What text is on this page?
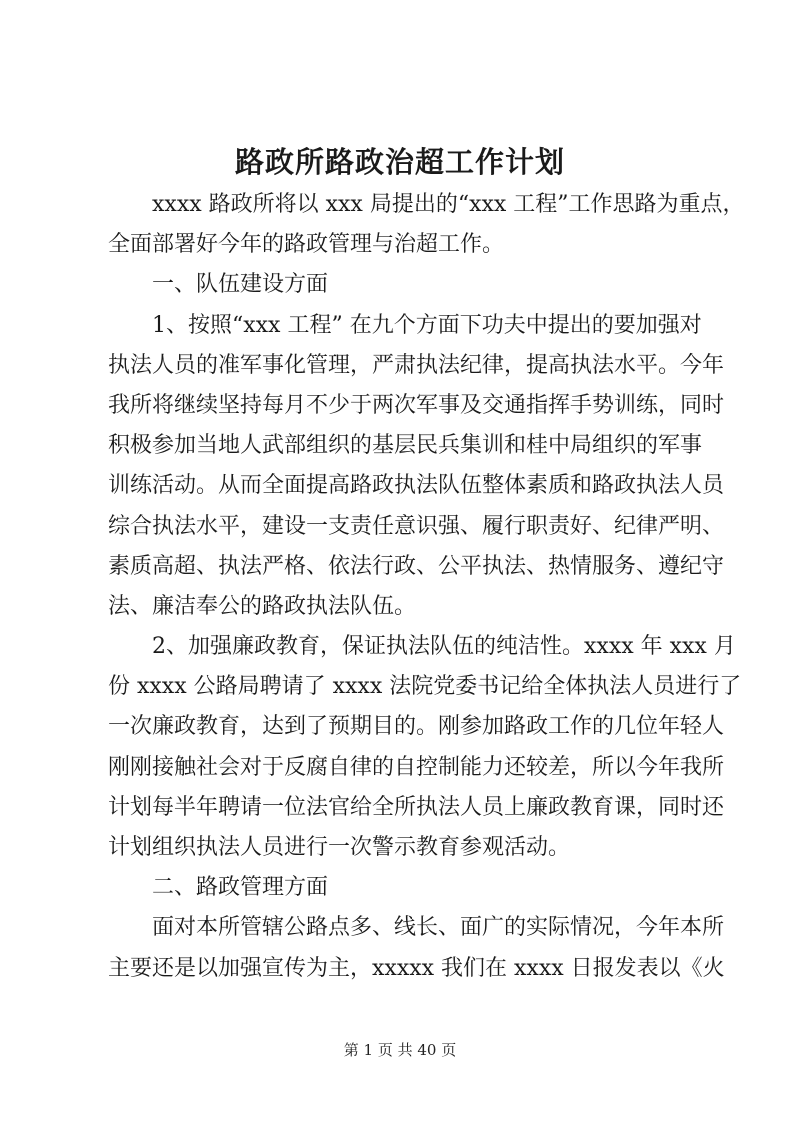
路政所路政治超工作计划
xxxx 路政所将以 xxx 局提出的“xxx 工程”工作思路为重点，
全面部署好今年的路政管理与治超工作。
一、队伍建设方面
1、按照“xxx 工程” 在九个方面下功夫中提出的要加强对
执法人员的准军事化管理，严肃执法纪律，提高执法水平。今年
我所将继续坚持每月不少于两次军事及交通指挥手势训练，同时
积极参加当地人武部组织的基层民兵集训和桂中局组织的军事
训练活动。从而全面提高路政执法队伍整体素质和路政执法人员
综合执法水平，建设一支责任意识强、履行职责好、纪律严明、
素质高超、执法严格、依法行政、公平执法、热情服务、遵纪守
法、廉洁奉公的路政执法队伍。
2、加强廉政教育，保证执法队伍的纯洁性。xxxx 年 xxx 月
份 xxxx 公路局聘请了 xxxx 法院党委书记给全体执法人员进行了
一次廉政教育，达到了预期目的。刚参加路政工作的几位年轻人
刚刚接触社会对于反腐自律的自控制能力还较差，所以今年我所
计划每半年聘请一位法官给全所执法人员上廉政教育课，同时还
计划组织执法人员进行一次警示教育参观活动。
二、路政管理方面
面对本所管辖公路点多、线长、面广的实际情况，今年本所
主要还是以加强宣传为主，xxxxx 我们在 xxxx 日报发表以《火
第 1 页 共 40 页
